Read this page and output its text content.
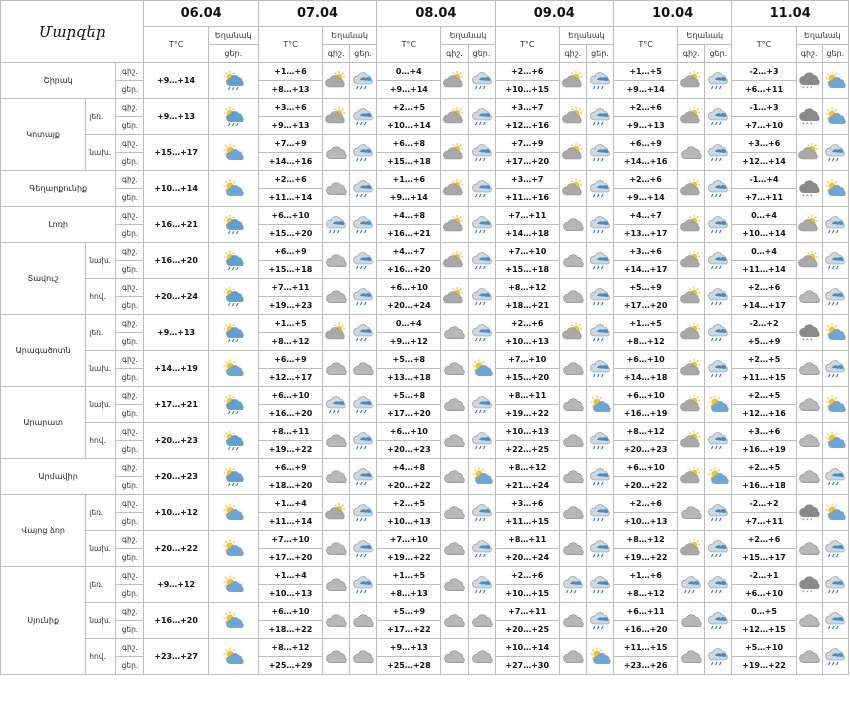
Մարզեր			06.04		07.04			08.04			09.04			10.04			11.04		
			T°C	Եղանակ	T°C	Եղանակ		T°C	Եղանակ		T°C	Եղանակ		T°C	Եղանակ		T°C	Եղանակ	
				ցեր.		գիշ.	ցեր.		գիշ.	ցեր.		գիշ.	ցեր.		գիշ.	ցեր.		գիշ.	ցեր.
Շիրակ		գիշ.	+9…+14		+1…+6			0…+4			+2…+6			+1…+5			-2…+3	* * *

		ցեր.			+8…+13			+9…+14			+10…+15			+9…+14			+6…+11		
Կոտայք	լեռ.	գիշ.	+9…+13		+3…+6			+2…+5			+3…+7			+2…+6			-1…+3	* * *

		ցեր.			+9…+13			+10…+14			+12…+16			+9…+13			+7…+10		
	նախ.	գիշ.	+15…+17		+7…+9			+6…+8			+7…+9			+6…+9			+3…+6	

		ցեր.			+14…+16			+15…+18			+17…+20			+14…+16			+12…+14		
Գեղարքունիք		գիշ.	+10…+14		+2…+6			+1…+6			+3…+7			+2…+6			-1…+4	* * *

		ցեր.			+11…+14			+9…+14			+11…+16			+9…+14			+7…+11		
Լոռի		գիշ.	+16…+21		+6…+10			+4…+8			+7…+11			+4…+7			0…+4	

		ցեր.			+15…+20			+16…+21			+14…+18			+13…+17			+10…+14		
Տավուշ	նախ.	գիշ.	+16…+20		+6…+9			+4…+7			+7…+10			+3…+6			0…+4	

		ցեր.			+15…+18			+16…+20			+15…+18			+14…+17			+11…+14		
	հով.	գիշ.	+20…+24		+7…+11			+6…+10			+8…+12			+5…+9			+2…+6	

		ցեր.			+19…+23			+20…+24			+18…+21			+17…+20			+14…+17		
Արագածոտն	լեռ.	գիշ.	+9…+13		+1…+5			0…+4			+2…+6			+1…+5			-2…+2	* * *

		ցեր.			+8…+12			+9…+12			+10…+13			+8…+12			+5…+9		
	նախ.	գիշ.	+14…+19		+6…+9			+5…+8			+7…+10			+6…+10			+2…+5	

		ցեր.			+12…+17			+13…+18			+15…+20			+14…+18			+11…+15		
Արարատ	նախ.	գիշ.	+17…+21		+6…+10			+5…+8			+8…+11			+6…+10			+2…+5	

		ցեր.			+16…+20			+17…+20			+19…+22			+16…+19			+12…+16		
	հով.	գիշ.	+20…+23		+8…+11			+6…+10			+10…+13			+8…+12			+3…+6	

		ցեր.			+19…+22			+20…+23			+22…+25			+20…+23			+16…+19		
Արմավիր		գիշ.	+20…+23		+6…+9			+4…+8			+8…+12			+6…+10			+2…+5	

		ցեր.			+18…+20			+20…+22			+21…+24			+20…+22			+16…+18		
Վայոց ձոր	լեռ.	գիշ.	+10…+12		+1…+4			+2…+5			+3…+6			+2…+6			-2…+2	* * *

		ցեր.			+11…+14			+10…+13			+11…+15			+10…+13			+7…+11		
	նախ.	գիշ.	+20…+22		+7…+10			+7…+10			+8…+11			+8…+12			+2…+6	

		ցեր.			+17…+20			+19…+22			+20…+24			+19…+22			+15…+17		
Սյունիք	լեռ.	գիշ.	+9…+12		+1…+4			+1…+5			+2…+6			+1…+6			-2…+1	* * *

		ցեր.			+10…+13			+8…+13			+10…+15			+8…+12			+6…+10		
	նախ.	գիշ.	+16…+20		+6…+10			+5…+9			+7…+11			+6…+11			0…+5	

		ցեր.			+18…+22			+17…+22			+20…+25			+16…+20			+12…+15		
	հով.	գիշ.	+23…+27		+8…+12			+9…+13			+10…+14			+11…+15			+5…+10	

		ցեր.			+25…+29			+25…+28			+27…+30			+23…+26			+19…+22		
